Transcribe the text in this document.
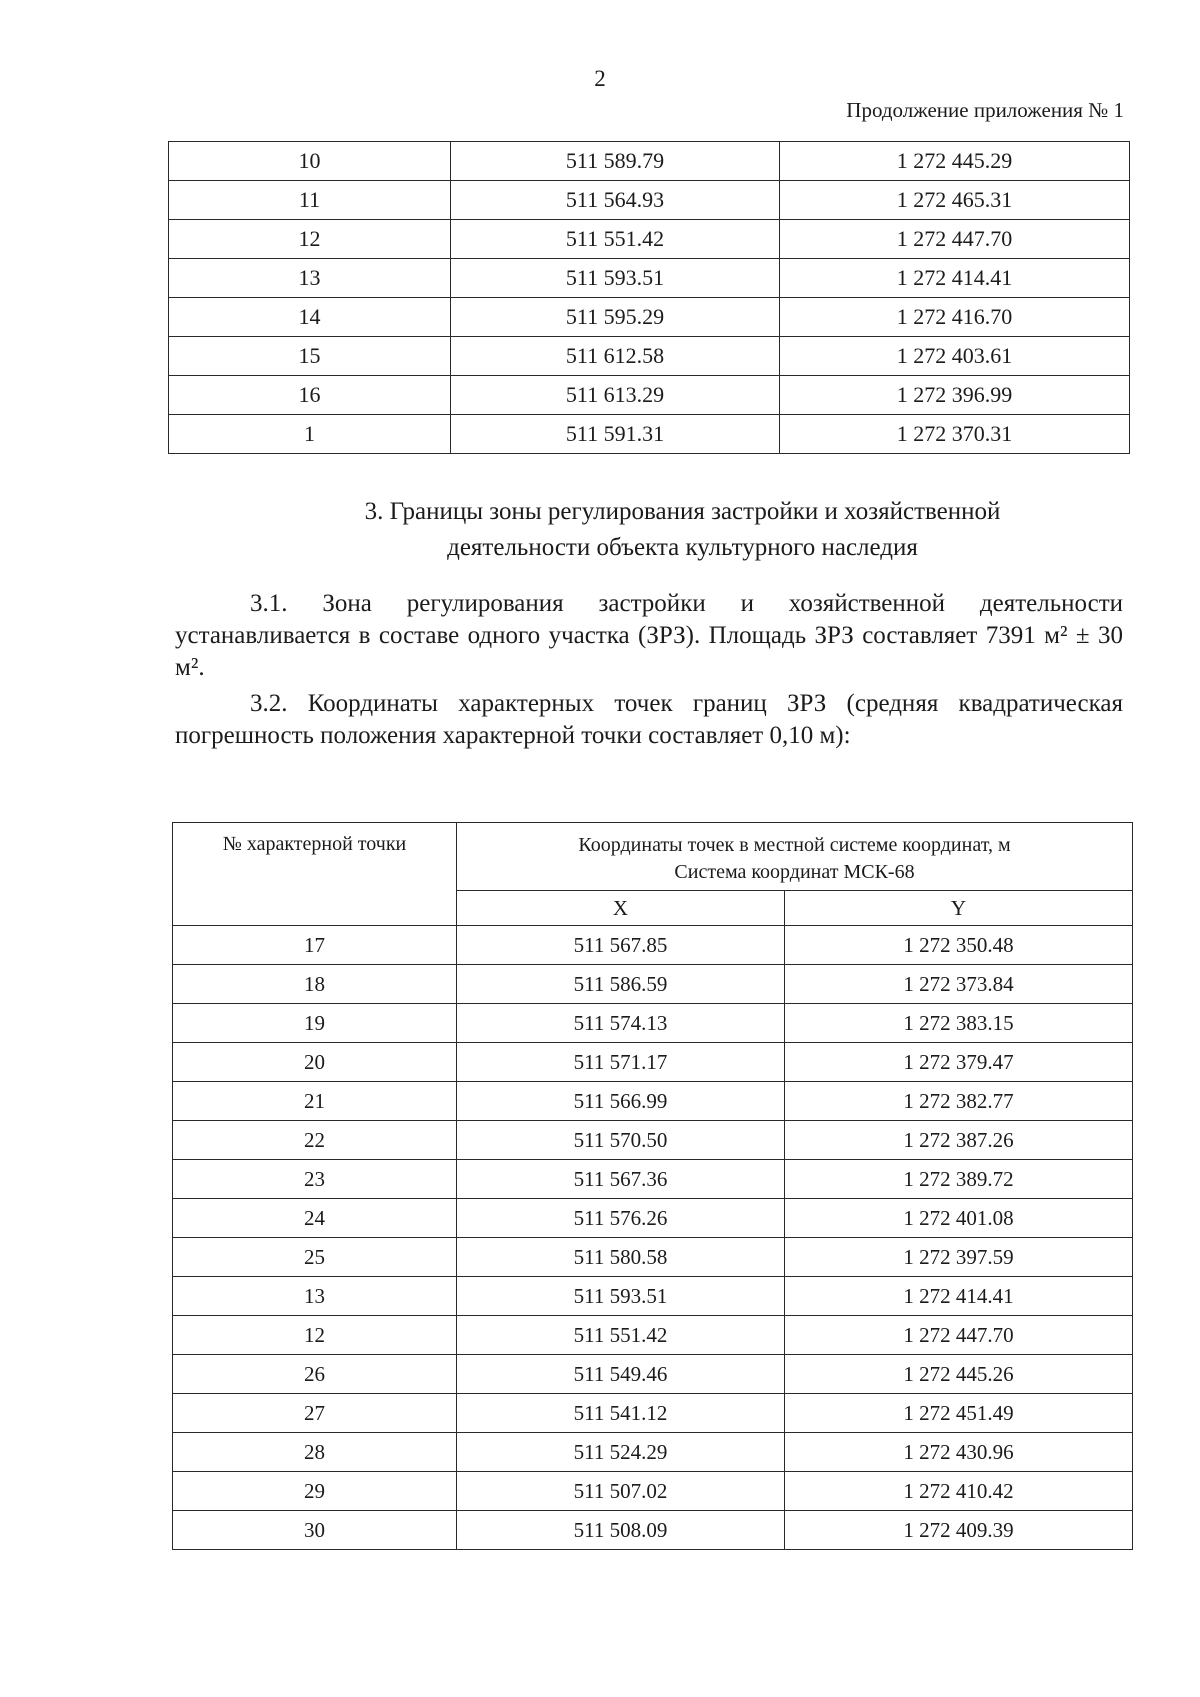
2
Продолжение приложения № 1
10	511 589.79	1 272 445.29
11	511 564.93	1 272 465.31
12	511 551.42	1 272 447.70
13	511 593.51	1 272 414.41
14	511 595.29	1 272 416.70
15	511 612.58	1 272 403.61
16	511 613.29	1 272 396.99
1	511 591.31	1 272 370.31
3. Границы зоны регулирования застройки и хозяйственной
деятельности объекта культурного наследия
3.1. Зона регулирования застройки и хозяйственной деятельности устанавливается в составе одного участка (ЗРЗ). Площадь ЗРЗ составляет 7391 м² ± 30 м².
3.2. Координаты характерных точек границ ЗРЗ (средняя квадратическая погрешность положения характерной точки составляет 0,10 м):
№ характерной точки	Координаты точек в местной системе координат, м
Система координат МСК-68	

	X	Y
17	511 567.85	1 272 350.48
18	511 586.59	1 272 373.84
19	511 574.13	1 272 383.15
20	511 571.17	1 272 379.47
21	511 566.99	1 272 382.77
22	511 570.50	1 272 387.26
23	511 567.36	1 272 389.72
24	511 576.26	1 272 401.08
25	511 580.58	1 272 397.59
13	511 593.51	1 272 414.41
12	511 551.42	1 272 447.70
26	511 549.46	1 272 445.26
27	511 541.12	1 272 451.49
28	511 524.29	1 272 430.96
29	511 507.02	1 272 410.42
30	511 508.09	1 272 409.39
